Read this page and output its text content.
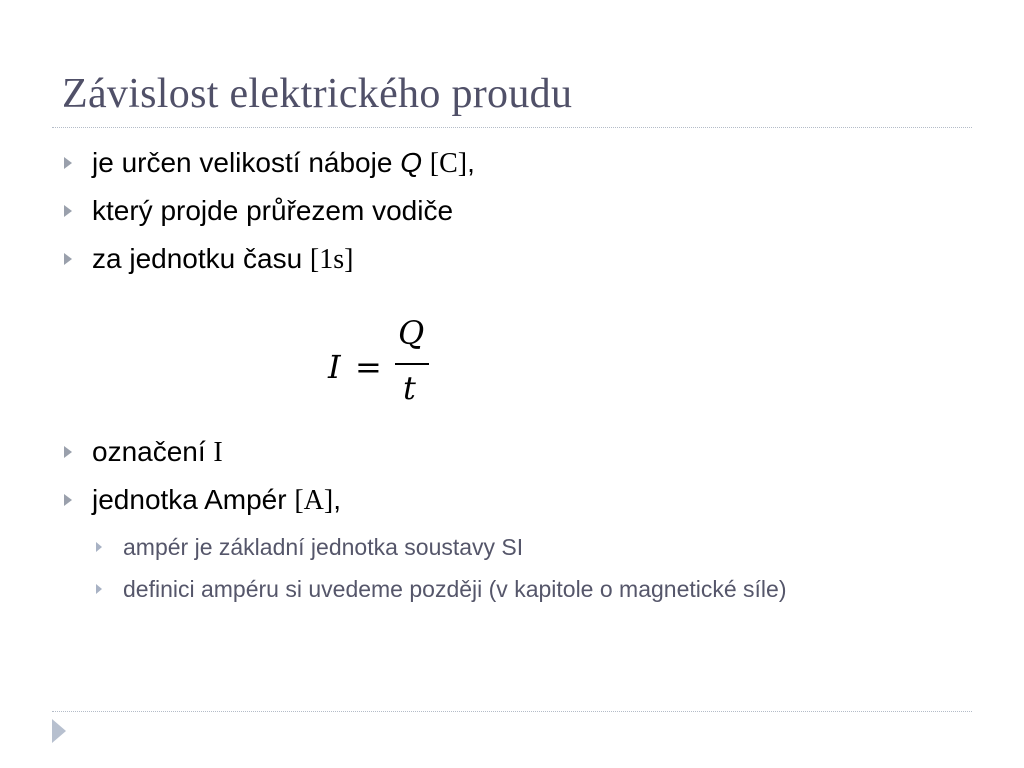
Závislost elektrického proudu
je určen velikostí náboje Q [C],
který projde průřezem vodiče
za jednotku času [1s]
I =
Q
t
označení I
jednotka Ampér [A],
ampér je základní jednotka soustavy SI
definici ampéru si uvedeme později (v kapitole o magnetické síle)
